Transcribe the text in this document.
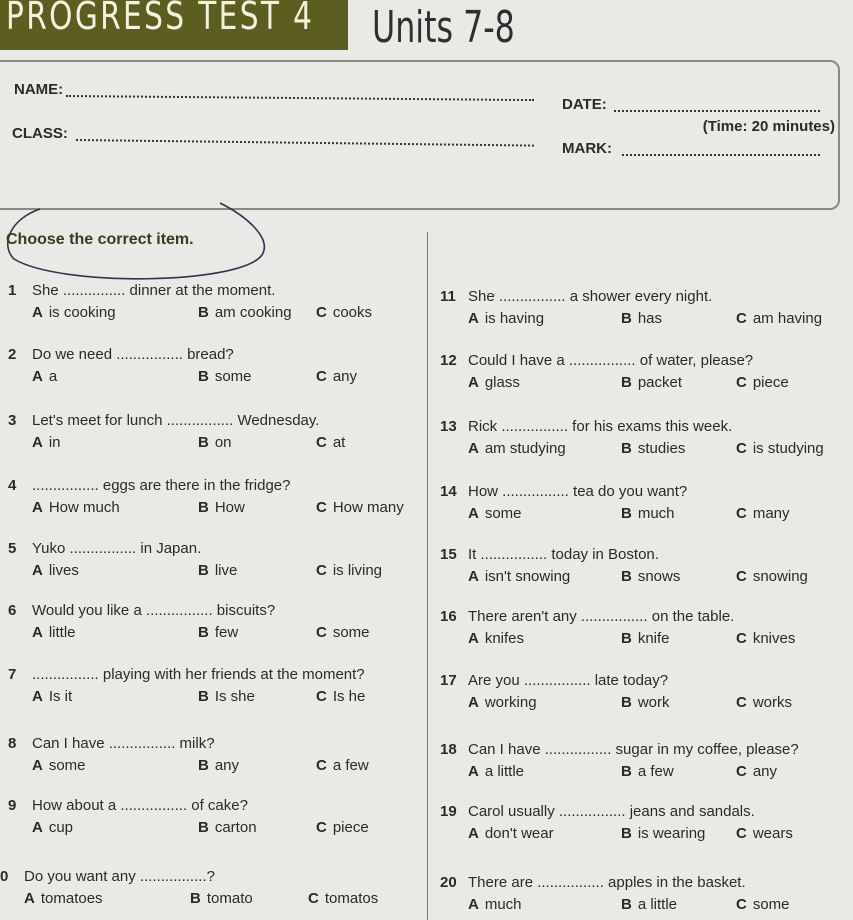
PROGRESS TEST 4 Units 7-8
NAME:
DATE:
CLASS:
MARK:
(Time: 20 minutes)
Choose the correct item.
1 She ............... dinner at the moment.
A is cooking	B am cooking C cooks
2 Do we need ................ bread?
A a	B some	C any
3 Let's meet for lunch ................ Wednesday.
A in	B on	C at
4 ................ eggs are there in the fridge?
A How much	B How	C How many
5 Yuko ................ in Japan.
A lives	B live	C is living
6 Would you like a ................ biscuits?
A little	B few	C some
7 ................ playing with her friends at the moment?
A Is it	B Is she	C Is he
8 Can I have ................ milk?
A some	B any	C a few
9 How about a ................ of cake?
A cup	B carton	C piece
0 Do you want any ................?
A tomatoes	B tomato	C tomatos
11 She ................ a shower every night.
A is having	B has	C am having
12 Could I have a ................ of water, please?
A glass	B packet	C piece
13 Rick ................ for his exams this week.
A am studying	B studies	C is studying
14 How ................ tea do you want?
A some	B much	C many
15 It ................ today in Boston.
A isn't snowing	B snows	C snowing
16 There aren't any ................ on the table.
A knifes	B knife	C knives
17 Are you ................ late today?
A working	B work	C works
18 Can I have ................ sugar in my coffee, please?
A a little	B a few	C any
19 Carol usually ................ jeans and sandals.
A don't wear	B is wearing C wears
20 There are ................ apples in the basket.
A much	B a little	C some
